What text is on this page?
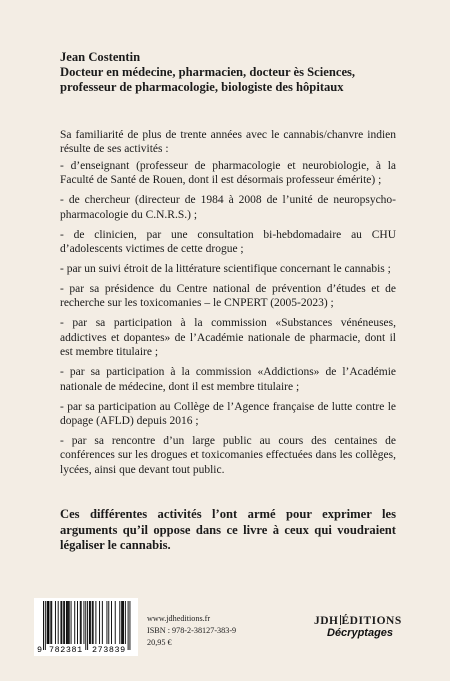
Jean Costentin
Docteur en médecine, pharmacien, docteur ès Sciences,
professeur de pharmacologie, biologiste des hôpitaux

Sa familiarité de plus de trente années avec le cannabis/chanvre indien résulte de ses activités :

- d’enseignant (professeur de pharmacologie et neurobiologie, à la Faculté de Santé de Rouen, dont il est désormais professeur émérite) ;

- de chercheur (directeur de 1984 à 2008 de l’unité de neuropsycho-pharmacologie du C.N.R.S.) ;

- de clinicien, par une consultation bi-hebdomadaire au CHU d’adolescents victimes de cette drogue ;

- par un suivi étroit de la littérature scientifique concernant le cannabis ;

- par sa présidence du Centre national de prévention d’études et de recherche sur les toxicomanies – le CNPERT (2005-2023) ;

- par sa participation à la commission «Substances vénéneuses, addictives et dopantes» de l’Académie nationale de pharmacie, dont il est membre titulaire ;

- par sa participation à la commission «Addictions» de l’Académie nationale de médecine, dont il est membre titulaire ;

- par sa participation au Collège de l’Agence française de lutte contre le dopage (AFLD) depuis 2016 ;

- par sa rencontre d’un large public au cours des centaines de conférences sur les drogues et toxicomanies effectuées dans les collèges, lycées, ainsi que devant tout public.

Ces différentes activités l’ont armé pour exprimer les arguments qu’il oppose dans ce livre à ceux qui voudraient légaliser le cannabis.
9 782381 273839
www.jdheditions.fr
ISBN : 978-2-38127-383-9
20,95 €
JDH ÉDITIONS
Décryptages
